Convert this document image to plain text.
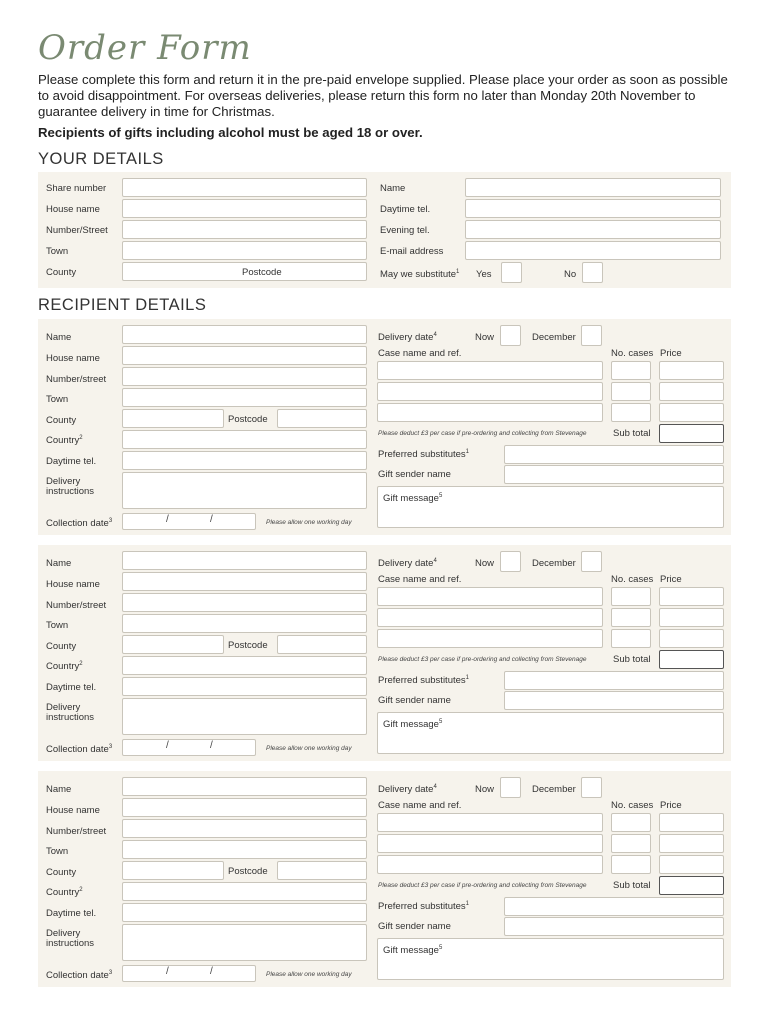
Order Form
Please complete this form and return it in the pre-paid envelope supplied. Please place your order as soon as possible to avoid disappointment. For overseas deliveries, please return this form no later than Monday 20th November to guarantee delivery in time for Christmas.
Recipients of gifts including alcohol must be aged 18 or over.
YOUR DETAILS
Share number
House name
Number/Street
Town
County	Postcode
Name
Daytime tel.
Evening tel.
E-mail address
May we substitute$^1$ Yes	No
RECIPIENT DETAILS
Name
House name
Number/street
Town
County	Postcode
Country$^2$
Daytime tel.
Delivery
instructions
Collection date$^3$	/	/	Please allow one working day
Delivery date$^4$	Now	December
Case name and ref.	No. cases Price
Please deduct £3 per case if pre-ordering and collecting from Stevenage	Sub total
Preferred substitutes$^1$
Gift sender name
Gift message$^5$
Name
House name
Number/street
Town
County	Postcode
Country$^2$
Daytime tel.
Delivery
instructions
Collection date$^3$	/	/	Please allow one working day
Delivery date$^4$	Now	December
Case name and ref.	No. cases Price
Please deduct £3 per case if pre-ordering and collecting from Stevenage	Sub total
Preferred substitutes$^1$
Gift sender name
Gift message$^5$
Name
House name
Number/street
Town
County	Postcode
Country$^2$
Daytime tel.
Delivery
instructions
Collection date$^3$	/	/	Please allow one working day
Delivery date$^4$	Now	December
Case name and ref.	No. cases Price
Please deduct £3 per case if pre-ordering and collecting from Stevenage	Sub total
Preferred substitutes$^1$
Gift sender name
Gift message$^5$
